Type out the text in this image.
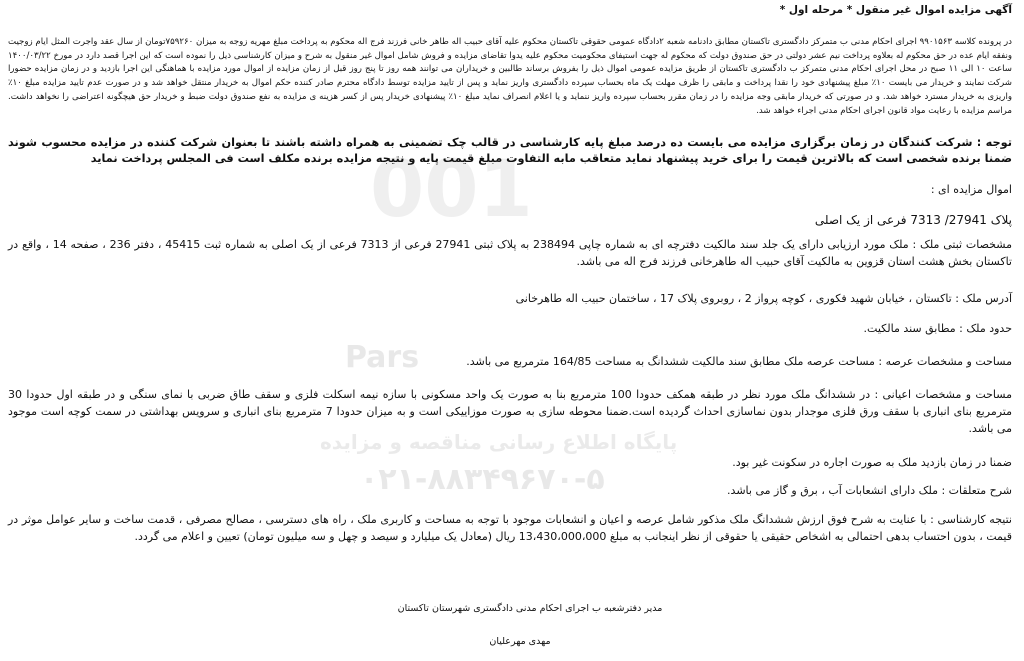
001
Pars
پایگاه اطلاع رسانی مناقصه و مزایده
۰۲۱-۸۸۳۴۹۶۷۰-۵
آگهی مزایده اموال غیر منقول * مرحله اول *
در پرونده کلاسه ۹۹۰۱۵۶۳ اجرای احکام مدنی ب متمرکز دادگستری تاکستان مطابق دادنامه شعبه ۲دادگاه عمومی حقوقی تاکستان محکوم علیه آقای حبیب اله طاهر خانی فرزند فرج اله محکوم به پرداخت مبلغ مهریه زوجه به میزان ۷۵۹۲۶۰تومان از سال عقد واجرت المثل ایام زوجیت ونفقه ایام عده در حق محکوم له بعلاوه پرداخت نیم عشر دولتی در حق صندوق دولت که محکوم له جهت استیفای محکومیت محکوم علیه یدوا تقاضای مزایده و فروش شامل اموال غیر منقول به شرح و میزان کارشناسی ذیل را نموده است که این اجرا قصد دارد در مورخ ۱۴۰۰/۰۳/۲۲ ساعت ۱۰ الی ۱۱ صبح در محل اجرای احکام مدنی متمرکز ب دادگستری تاکستان از طریق مزایده عمومی اموال ذیل را بفروش برساند طالبین و خریداران می توانند همه روز تا پنج روز قبل از زمان مزایده از اموال مورد مزایده با هماهنگی این اجرا بازدید و در زمان مزایده حضورا شرکت نمایند و خریدار می بایست ۱۰٪ مبلغ پیشنهادی خود را نقدا پرداخت و مابقی را ظرف مهلت یک ماه بحساب سپرده دادگستری واریز نماید و پس از تایید مزایده توسط دادگاه محترم صادر کننده حکم اموال به خریدار منتقل خواهد شد و در صورت عدم تایید مزایده مبلغ ۱۰٪ واریزی به خریدار مسترد خواهد شد. و در صورتی که خریدار مابقی وجه مزایده را در زمان مقرر بحساب سپرده واریز ننماید و یا اعلام انصراف نماید مبلغ ۱۰٪ پیشنهادی خریدار پس از کسر هزینه ی مزایده به نفع صندوق دولت ضبط و خریدار حق هیچگونه اعتراضی را نخواهد داشت. مراسم مزایده با رعایت مواد قانون اجرای احکام مدنی اجراء خواهد شد.
توجه : شرکت کنندگان در زمان برگزاری مزایده می بایست ده درصد مبلغ پایه کارشناسی در قالب چک تضمینی به همراه داشته باشند تا بعنوان شرکت کننده در مزایده محسوب شوند ضمنا برنده شخصی است که بالاترین قیمت را برای خرید پیشنهاد نماید متعاقب مابه التفاوت مبلغ قیمت پایه و نتیجه مزایده برنده مکلف است فی المجلس پرداخت نماید
اموال مزایده ای :
پلاک 27941/ 7313 فرعی از یک اصلی
مشخصات ثبتی ملک : ملک مورد ارزیابی دارای یک جلد سند مالکیت دفترچه ای به شماره چاپی 238494 به پلاک ثبتی 27941 فرعی از 7313 فرعی از یک اصلی به شماره ثبت 45415 ، دفتر 236 ، صفحه 14 ، واقع در تاکستان بخش هشت استان قزوین به مالکیت آقای حبیب اله طاهرخانی فرزند فرج اله می باشد.
آدرس ملک : تاکستان ، خیابان شهید فکوری ، کوچه پرواز 2 ، روبروی پلاک 17 ، ساختمان حبیب اله طاهرخانی
حدود ملک : مطابق سند مالکیت.
مساحت و مشخصات عرصه : مساحت عرصه ملک مطابق سند مالکیت ششدانگ به مساحت 164/85 مترمربع می باشد.
مساحت و مشخصات اعیانی : در ششدانگ ملک مورد نظر در طبقه همکف حدودا 100 مترمربع بنا به صورت یک واحد مسکونی با سازه نیمه اسکلت فلزی و سقف طاق ضربی با نمای سنگی و در طبقه اول حدودا 30 مترمربع بنای انباری با سقف ورق فلزی موجدار بدون نماسازی احداث گردیده است.ضمنا محوطه سازی به صورت موزاییکی است و به میزان حدودا 7 مترمربع بنای انباری و سرویس بهداشتی در سمت کوچه است موجود می باشد.
ضمنا در زمان بازدید ملک به صورت اجاره در سکونت غیر بود.
شرح متعلقات : ملک دارای انشعابات آب ، برق و گاز می باشد.
نتیجه کارشناسی : با عنایت به شرح فوق ارزش ششدانگ ملک مذکور شامل عرصه و اعیان و انشعابات موجود با توجه به مساحت و کاربری ملک ، راه های دسترسی ، مصالح مصرفی ، قدمت ساخت و سایر عوامل موثر در قیمت ، بدون احتساب بدهی احتمالی به اشخاص حقیقی یا حقوقی از نظر اینجانب به مبلغ 13،430،000،000 ریال (معادل یک میلیارد و سیصد و چهل و سه میلیون تومان) تعیین و اعلام می گردد.
مدیر دفترشعبه ب اجرای احکام مدنی دادگستری شهرستان تاکستان
مهدی مهرعلیان
